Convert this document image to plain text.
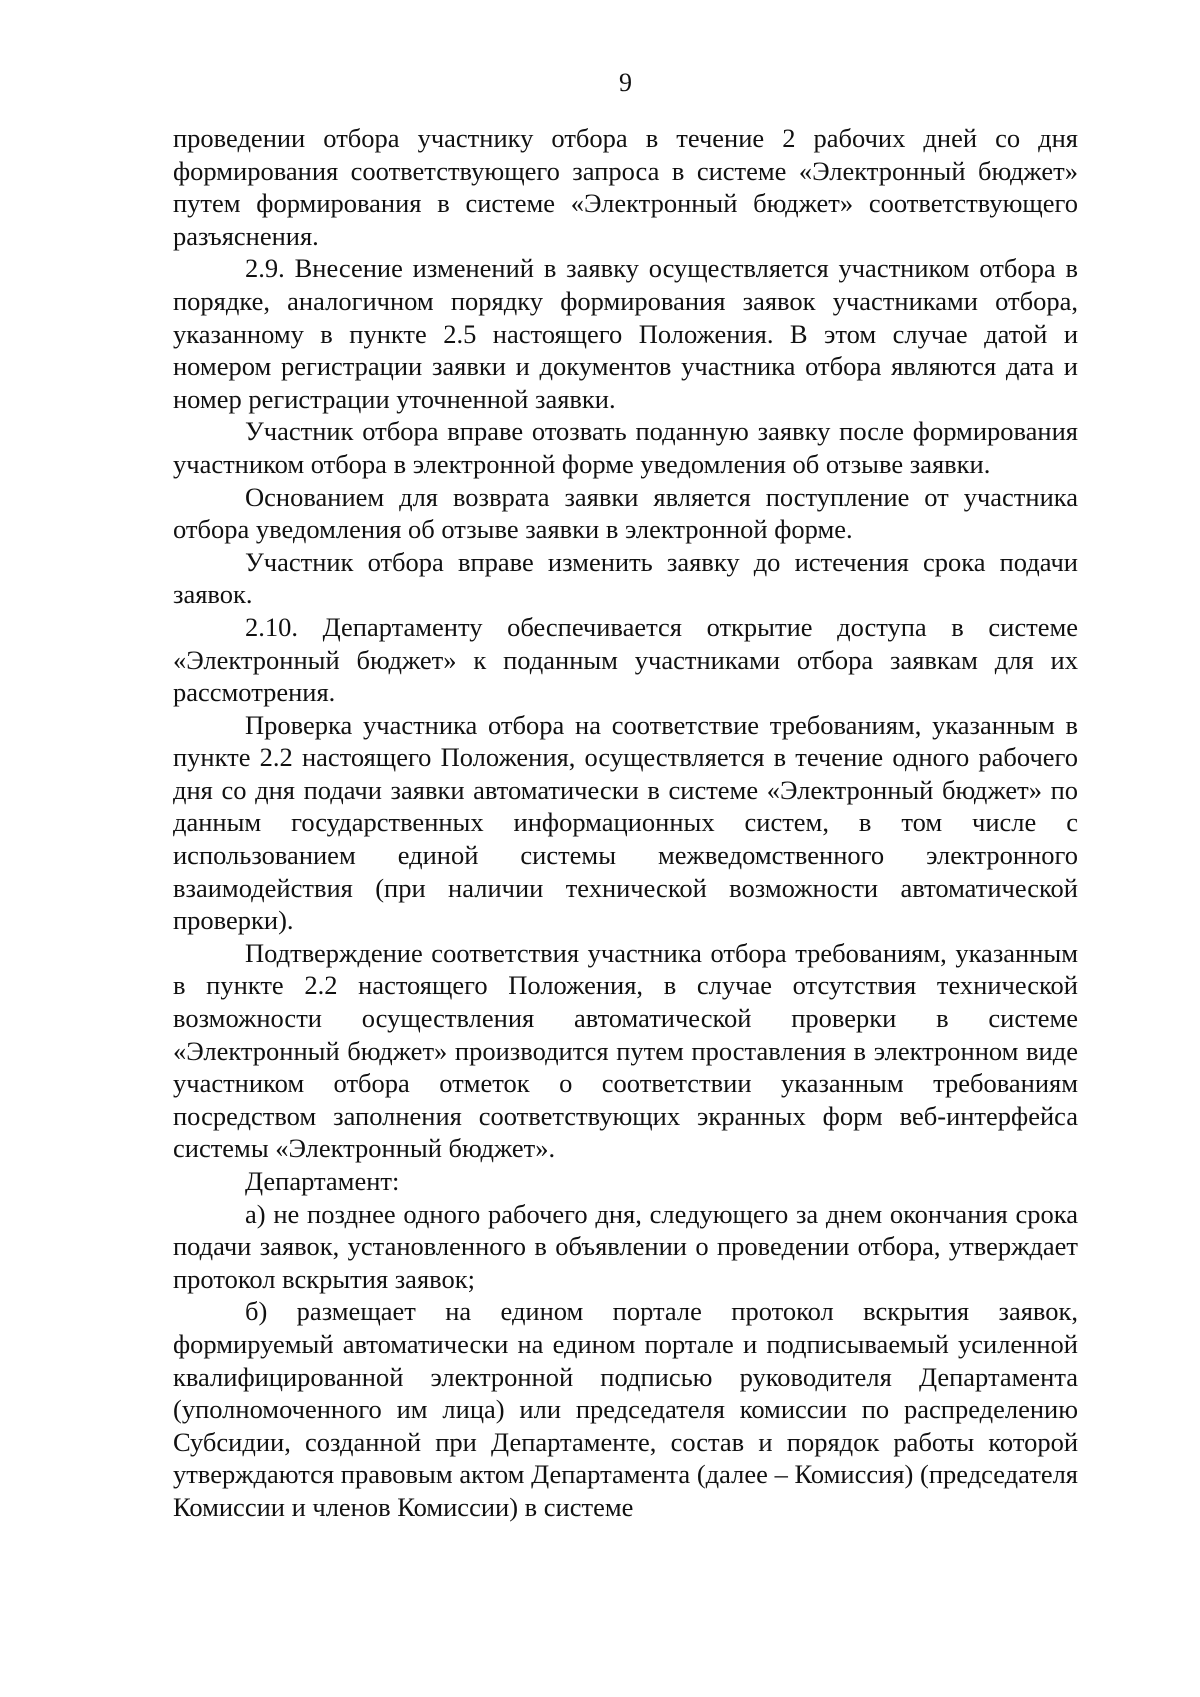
9

проведении отбора участнику отбора в течение 2 рабочих дней со дня формирования соответствующего запроса в системе «Электронный бюджет» путем формирования в системе «Электронный бюджет» соответствующего разъяснения.

2.9. Внесение изменений в заявку осуществляется участником отбора в порядке, аналогичном порядку формирования заявок участниками отбора, указанному в пункте 2.5 настоящего Положения. В этом случае датой и номером регистрации заявки и документов участника отбора являются дата и номер регистрации уточненной заявки.

Участник отбора вправе отозвать поданную заявку после формирования участником отбора в электронной форме уведомления об отзыве заявки.

Основанием для возврата заявки является поступление от участника отбора уведомления об отзыве заявки в электронной форме.

Участник отбора вправе изменить заявку до истечения срока подачи заявок.

2.10. Департаменту обеспечивается открытие доступа в системе «Электронный бюджет» к поданным участниками отбора заявкам для их рассмотрения.

Проверка участника отбора на соответствие требованиям, указанным в пункте 2.2 настоящего Положения, осуществляется в течение одного рабочего дня со дня подачи заявки автоматически в системе «Электронный бюджет» по данным государственных информационных систем, в том числе с использованием единой системы межведомственного электронного взаимодействия (при наличии технической возможности автоматической проверки).

Подтверждение соответствия участника отбора требованиям, указанным в пункте 2.2 настоящего Положения, в случае отсутствия технической возможности осуществления автоматической проверки в системе «Электронный бюджет» производится путем проставления в электронном виде участником отбора отметок о соответствии указанным требованиям посредством заполнения соответствующих экранных форм веб-интерфейса системы «Электронный бюджет».

Департамент:

а) не позднее одного рабочего дня, следующего за днем окончания срока подачи заявок, установленного в объявлении о проведении отбора, утверждает протокол вскрытия заявок;

б) размещает на едином портале протокол вскрытия заявок, формируемый автоматически на едином портале и подписываемый усиленной квалифицированной электронной подписью руководителя Департамента (уполномоченного им лица) или председателя комиссии по распределению Субсидии, созданной при Департаменте, состав и порядок работы которой утверждаются правовым актом Департамента (далее – Комиссия) (председателя Комиссии и членов Комиссии) в системе
